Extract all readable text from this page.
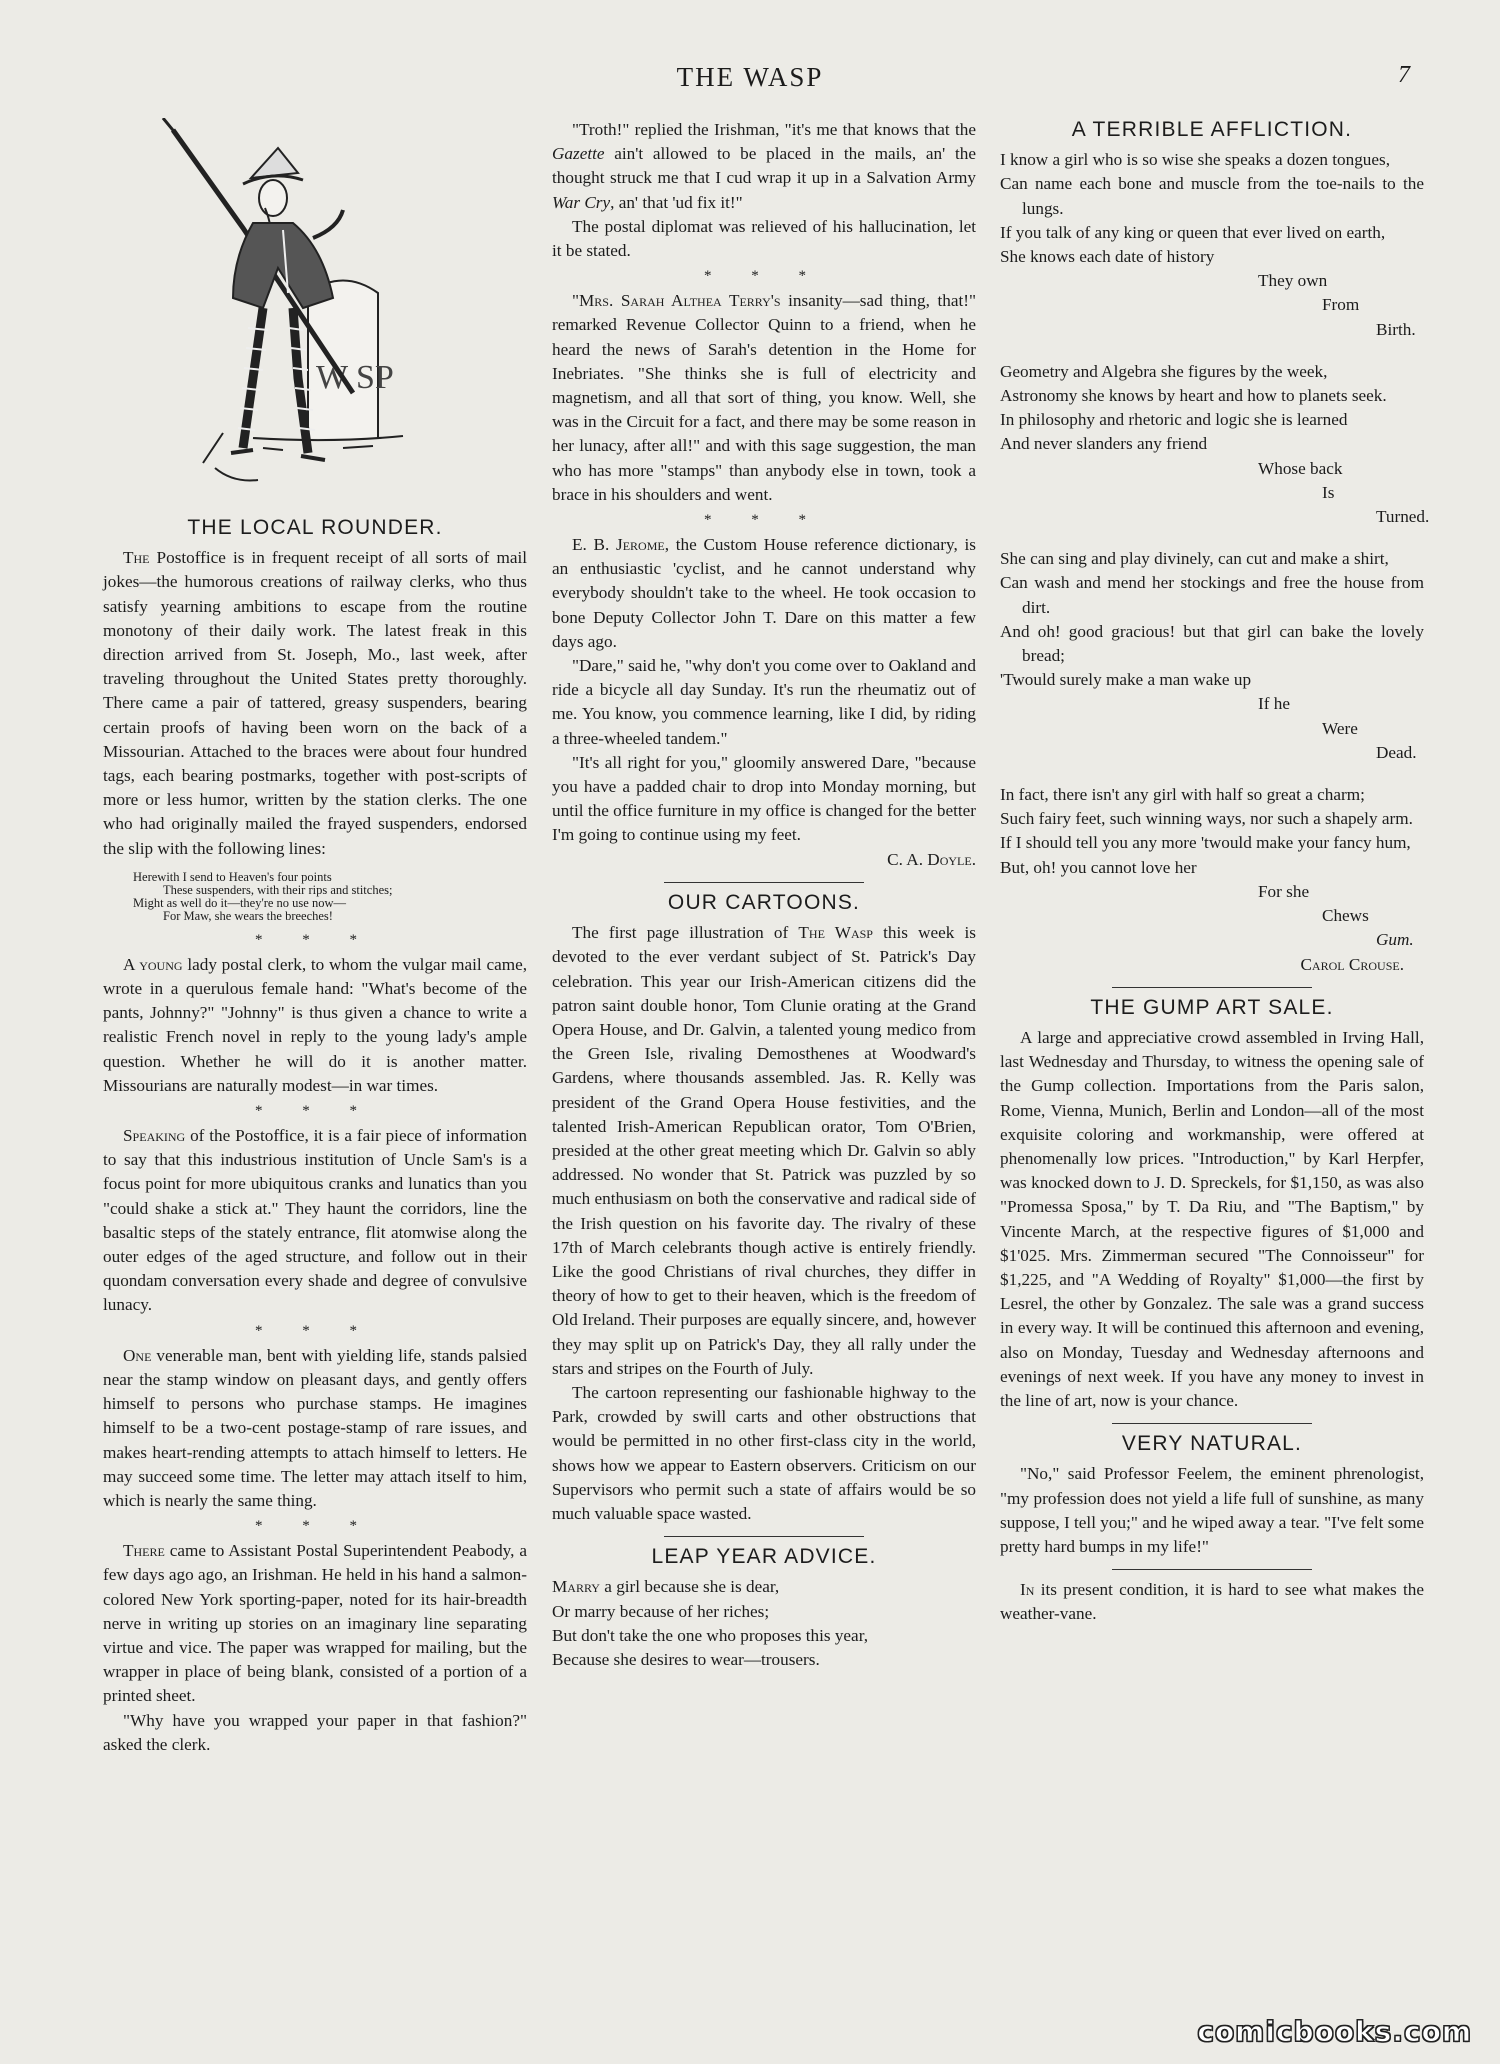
THE WASP	7
W SP
THE LOCAL ROUNDER.

The Postoffice is in frequent receipt of all sorts of mail jokes—the humorous creations of railway clerks, who thus satisfy yearning ambitions to escape from the routine monotony of their daily work. The latest freak in this direction arrived from St. Joseph, Mo., last week, after traveling throughout the United States pretty thoroughly. There came a pair of tattered, greasy suspenders, bearing certain proofs of having been worn on the back of a Missourian. Attached to the braces were about four hundred tags, each bearing postmarks, together with post-scripts of more or less humor, written by the station clerks. The one who had originally mailed the frayed suspenders, endorsed the slip with the following lines:

Herewith I send to Heaven's four points
These suspenders, with their rips and stitches;
Might as well do it—they're no use now—
For Maw, she wears the breeches!
* * *

A young lady postal clerk, to whom the vulgar mail came, wrote in a querulous female hand: "What's become of the pants, Johnny?" "Johnny" is thus given a chance to write a realistic French novel in reply to the young lady's ample question. Whether he will do it is another matter. Missourians are naturally modest—in war times.

* * *

Speaking of the Postoffice, it is a fair piece of information to say that this industrious institution of Uncle Sam's is a focus point for more ubiquitous cranks and lunatics than you "could shake a stick at." They haunt the corridors, line the basaltic steps of the stately entrance, flit atomwise along the outer edges of the aged structure, and follow out in their quondam conversation every shade and degree of convulsive lunacy.

* * *

One venerable man, bent with yielding life, stands palsied near the stamp window on pleasant days, and gently offers himself to persons who purchase stamps. He imagines himself to be a two-cent postage-stamp of rare issues, and makes heart-rending attempts to attach himself to letters. He may succeed some time. The letter may attach itself to him, which is nearly the same thing.

* * *

There came to Assistant Postal Superintendent Peabody, a few days ago ago, an Irishman. He held in his hand a salmon-colored New York sporting-paper, noted for its hair-breadth nerve in writing up stories on an imaginary line separating virtue and vice. The paper was wrapped for mailing, but the wrapper in place of being blank, consisted of a portion of a printed sheet.

"Why have you wrapped your paper in that fashion?" asked the clerk.

"Troth!" replied the Irishman, "it's me that knows that the Gazette ain't allowed to be placed in the mails, an' the thought struck me that I cud wrap it up in a Salvation Army War Cry, an' that 'ud fix it!"

The postal diplomat was relieved of his hallucination, let it be stated.

* * *

"Mrs. Sarah Althea Terry's insanity—sad thing, that!" remarked Revenue Collector Quinn to a friend, when he heard the news of Sarah's detention in the Home for Inebriates. "She thinks she is full of electricity and magnetism, and all that sort of thing, you know. Well, she was in the Circuit for a fact, and there may be some reason in her lunacy, after all!" and with this sage suggestion, the man who has more "stamps" than anybody else in town, took a brace in his shoulders and went.

* * *

E. B. Jerome, the Custom House reference dictionary, is an enthusiastic 'cyclist, and he cannot understand why everybody shouldn't take to the wheel. He took occasion to bone Deputy Collector John T. Dare on this matter a few days ago.

"Dare," said he, "why don't you come over to Oakland and ride a bicycle all day Sunday. It's run the rheumatiz out of me. You know, you commence learning, like I did, by riding a three-wheeled tandem."

"It's all right for you," gloomily answered Dare, "because you have a padded chair to drop into Monday morning, but until the office furniture in my office is changed for the better I'm going to continue using my feet.

C. A. Doyle.
OUR CARTOONS.

The first page illustration of The Wasp this week is devoted to the ever verdant subject of St. Patrick's Day celebration. This year our Irish-American citizens did the patron saint double honor, Tom Clunie orating at the Grand Opera House, and Dr. Galvin, a talented young medico from the Green Isle, rivaling Demosthenes at Woodward's Gardens, where thousands assembled. Jas. R. Kelly was president of the Grand Opera House festivities, and the talented Irish-American Republican orator, Tom O'Brien, presided at the other great meeting which Dr. Galvin so ably addressed. No wonder that St. Patrick was puzzled by so much enthusiasm on both the conservative and radical side of the Irish question on his favorite day. The rivalry of these 17th of March celebrants though active is entirely friendly. Like the good Christians of rival churches, they differ in theory of how to get to their heaven, which is the freedom of Old Ireland. Their purposes are equally sincere, and, however they may split up on Patrick's Day, they all rally under the stars and stripes on the Fourth of July.

The cartoon representing our fashionable highway to the Park, crowded by swill carts and other obstructions that would be permitted in no other first-class city in the world, shows how we appear to Eastern observers. Criticism on our Supervisors who permit such a state of affairs would be so much valuable space wasted.

LEAP YEAR ADVICE.

Marry a girl because she is dear,

Or marry because of her riches;

But don't take the one who proposes this year,

Because she desires to wear—trousers.

A TERRIBLE AFFLICTION.

I know a girl who is so wise she speaks a dozen tongues,

Can name each bone and muscle from the toe-nails to the lungs.

If you talk of any king or queen that ever lived on earth,

She knows each date of history

They own

From

Birth.

Geometry and Algebra she figures by the week,

Astronomy she knows by heart and how to planets seek.

In philosophy and rhetoric and logic she is learned

And never slanders any friend

Whose back

Is

Turned.

She can sing and play divinely, can cut and make a shirt,

Can wash and mend her stockings and free the house from dirt.

And oh! good gracious! but that girl can bake the lovely bread;

'Twould surely make a man wake up

If he

Were

Dead.

In fact, there isn't any girl with half so great a charm;

Such fairy feet, such winning ways, nor such a shapely arm.

If I should tell you any more 'twould make your fancy hum,

But, oh! you cannot love her

For she

Chews

Gum.

Carol Crouse.
THE GUMP ART SALE.

A large and appreciative crowd assembled in Irving Hall, last Wednesday and Thursday, to witness the opening sale of the Gump collection. Importations from the Paris salon, Rome, Vienna, Munich, Berlin and London—all of the most exquisite coloring and workmanship, were offered at phenomenally low prices. "Introduction," by Karl Herpfer, was knocked down to J. D. Spreckels, for $1,150, as was also "Promessa Sposa," by T. Da Riu, and "The Baptism," by Vincente March, at the respective figures of $1,000 and $1'025. Mrs. Zimmerman secured "The Connoisseur" for $1,225, and "A Wedding of Royalty" $1,000—the first by Lesrel, the other by Gonzalez. The sale was a grand success in every way. It will be continued this afternoon and evening, also on Monday, Tuesday and Wednesday afternoons and evenings of next week. If you have any money to invest in the line of art, now is your chance.

VERY NATURAL.

"No," said Professor Feelem, the eminent phrenologist, "my profession does not yield a life full of sunshine, as many suppose, I tell you;" and he wiped away a tear. "I've felt some pretty hard bumps in my life!"

In its present condition, it is hard to see what makes the weather-vane.

comicbooks.com
